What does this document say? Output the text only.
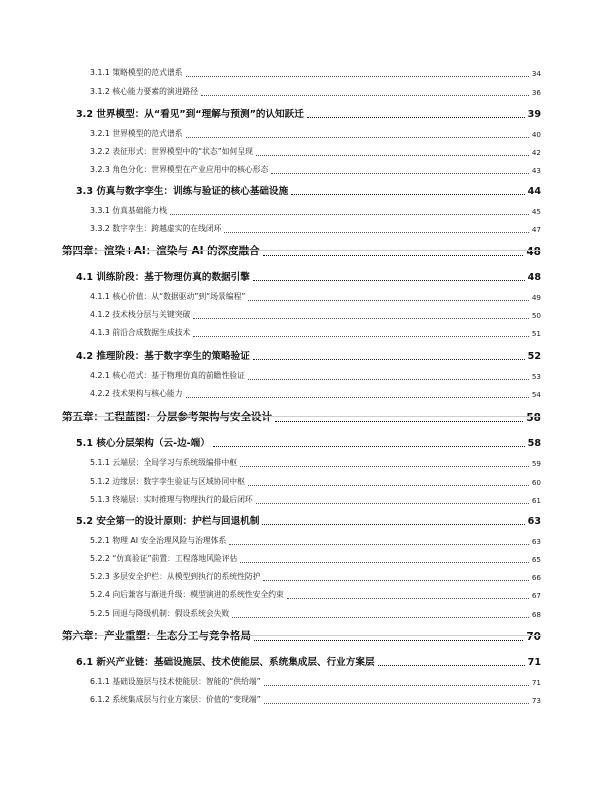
3.1.1 策略模型的范式谱系	34
3.1.2 核心能力要素的演进路径	36
3.2 世界模型：从“看见”到“理解与预测”的认知跃迁	39
3.2.1 世界模型的范式谱系	40
3.2.2 表征形式：世界模型中的“状态”如何呈现	42
3.2.3 角色分化：世界模型在产业应用中的核心形态	43
3.3 仿真与数字孪生：训练与验证的核心基础设施	44
3.3.1 仿真基础能力栈	45
3.3.2 数字孪生：跨越虚实的在线闭环	47
第四章：渲染+AI：渲染与 AI 的深度融合	48
4.1 训练阶段：基于物理仿真的数据引擎	48
4.1.1 核心价值：从“数据驱动”到“场景编程”	49
4.1.2 技术栈分层与关键突破	50
4.1.3 前沿合成数据生成技术	51
4.2 推理阶段：基于数字孪生的策略验证	52
4.2.1 核心范式：基于物理仿真的前瞻性验证	53
4.2.2 技术架构与核心能力	54
第五章：工程蓝图：分层参考架构与安全设计	58
5.1 核心分层架构（云-边-端）	58
5.1.1 云端层：全局学习与系统级编排中枢	59
5.1.2 边缘层：数字孪生验证与区域协同中枢	60
5.1.3 终端层：实时推理与物理执行的最后闭环	61
5.2 安全第一的设计原则：护栏与回退机制	63
5.2.1 物理 AI 安全治理风险与治理体系	63
5.2.2 “仿真验证”前置：工程落地风险评估	65
5.2.3 多层安全护栏：从模型到执行的系统性防护	66
5.2.4 向后兼容与渐进升级：模型演进的系统性安全约束	67
5.2.5 回退与降级机制：假设系统会失败	68
第六章：产业重塑：生态分工与竞争格局	70
6.1 新兴产业链：基础设施层、技术使能层、系统集成层、行业方案层	71
6.1.1 基础设施层与技术使能层：智能的“供给端”	71
6.1.2 系统集成层与行业方案层：价值的“变现端”	73
